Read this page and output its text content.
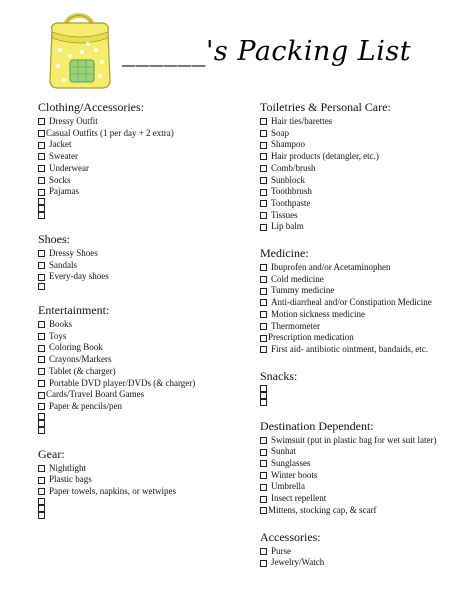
______'s Packing List
Clothing/Accessories:
Dressy Outfit
Casual Outfits (1 per day + 2 extra)
Jacket
Sweater
Underwear
Socks
Pajamas
Shoes:
Dressy Shoes
Sandals
Every-day shoes
Entertainment:
Books
Toys
Coloring Book
Crayons/Markers
Tablet (& charger)
Portable DVD player/DVDs (& charger)
Cards/Travel Board Games
Paper & pencils/pen
Gear:
Nightlight
Plastic bags
Paper towels, napkins, or wetwipes
Toiletries & Personal Care:
Hair ties/barettes
Soap
Shampoo
Hair products (detangler, etc.)
Comb/brush
Sunblock
Toothbrush
Toothpaste
Tissues
Lip balm
Medicine:
Ibuprofen and/or Acetaminophen
Cold medicine
Tummy medicine
Anti-diarrheal and/or Constipation Medicine
Motion sickness medicine
Thermometer
Prescription medication
First aid- antibiotic ointment, bandaids, etc.
Snacks:
Destination Dependent:
Swimsuit (put in plastic bag for wet suit later)
Sunhat
Sunglasses
Winter boots
Umbrella
Insect repellent
Mittens, stocking cap, & scarf
Accessories:
Purse
Jewelry/Watch
